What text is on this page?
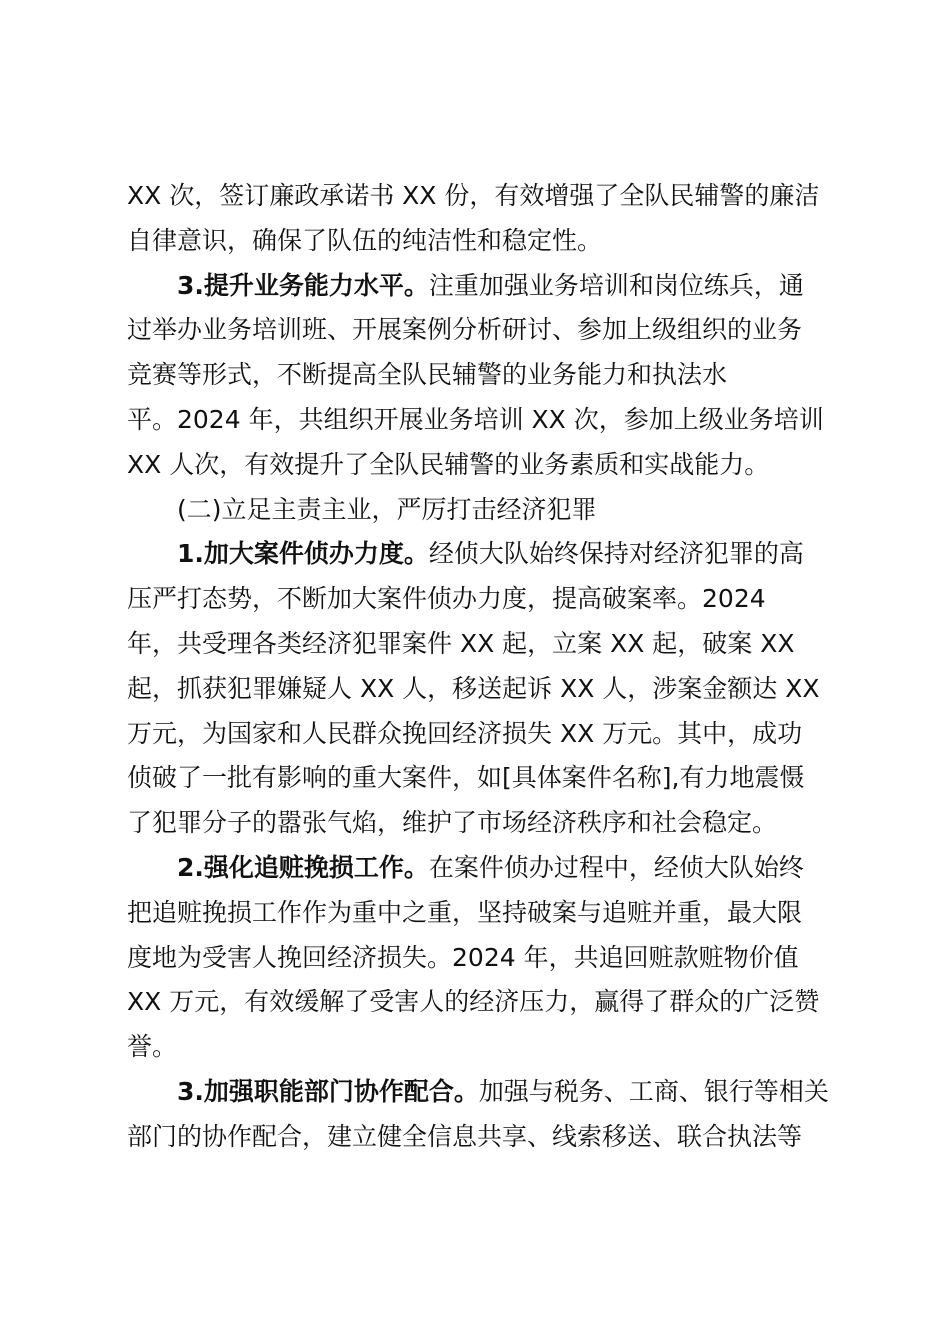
XX 次，签订廉政承诺书 XX 份，有效增强了全队民辅警的廉洁
自律意识，确保了队伍的纯洁性和稳定性。
3.提升业务能力水平。注重加强业务培训和岗位练兵，通
过举办业务培训班、开展案例分析研讨、参加上级组织的业务
竞赛等形式，不断提高全队民辅警的业务能力和执法水
平。2024 年，共组织开展业务培训 XX 次，参加上级业务培训
XX 人次，有效提升了全队民辅警的业务素质和实战能力。
(二)立足主责主业，严厉打击经济犯罪
1.加大案件侦办力度。经侦大队始终保持对经济犯罪的高
压严打态势，不断加大案件侦办力度，提高破案率。2024
年，共受理各类经济犯罪案件 XX 起，立案 XX 起，破案 XX
起，抓获犯罪嫌疑人 XX 人，移送起诉 XX 人，涉案金额达 XX
万元，为国家和人民群众挽回经济损失 XX 万元。其中，成功
侦破了一批有影响的重大案件，如[具体案件名称],有力地震慑
了犯罪分子的嚣张气焰，维护了市场经济秩序和社会稳定。
2.强化追赃挽损工作。在案件侦办过程中，经侦大队始终
把追赃挽损工作作为重中之重，坚持破案与追赃并重，最大限
度地为受害人挽回经济损失。2024 年，共追回赃款赃物价值
XX 万元，有效缓解了受害人的经济压力，赢得了群众的广泛赞
誉。
3.加强职能部门协作配合。加强与税务、工商、银行等相关
部门的协作配合，建立健全信息共享、线索移送、联合执法等
